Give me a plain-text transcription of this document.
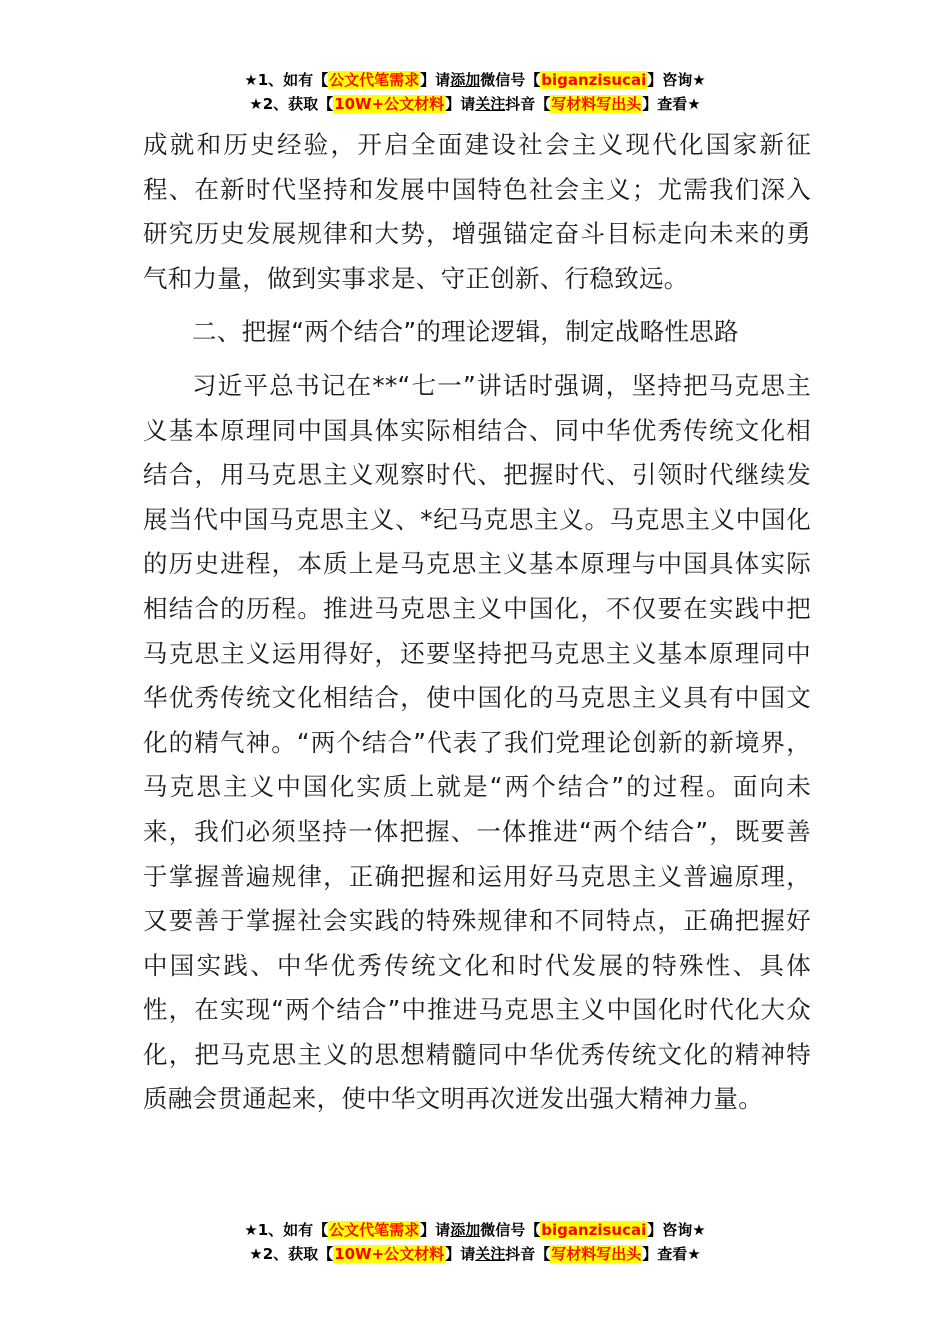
★1、如有【公文代笔需求】请添加微信号【biganzisucai】咨询★
★2、获取【10W+公文材料】请关注抖音【写材料写出头】查看★

成就和历史经验，开启全面建设社会主义现代化国家新征程、在新时代坚持和发展中国特色社会主义；尤需我们深入研究历史发展规律和大势，增强锚定奋斗目标走向未来的勇气和力量，做到实事求是、守正创新、行稳致远。

二、把握“两个结合”的理论逻辑，制定战略性思路

习近平总书记在**“七一”讲话时强调，坚持把马克思主义基本原理同中国具体实际相结合、同中华优秀传统文化相结合，用马克思主义观察时代、把握时代、引领时代继续发展当代中国马克思主义、*纪马克思主义。马克思主义中国化的历史进程，本质上是马克思主义基本原理与中国具体实际相结合的历程。推进马克思主义中国化，不仅要在实践中把马克思主义运用得好，还要坚持把马克思主义基本原理同中华优秀传统文化相结合，使中国化的马克思主义具有中国文化的精气神。“两个结合”代表了我们党理论创新的新境界，马克思主义中国化实质上就是“两个结合”的过程。面向未来，我们必须坚持一体把握、一体推进“两个结合”，既要善于掌握普遍规律，正确把握和运用好马克思主义普遍原理，又要善于掌握社会实践的特殊规律和不同特点，正确把握好中国实践、中华优秀传统文化和时代发展的特殊性、具体性，在实现“两个结合”中推进马克思主义中国化时代化大众化，把马克思主义的思想精髓同中华优秀传统文化的精神特质融会贯通起来，使中华文明再次迸发出强大精神力量。

★1、如有【公文代笔需求】请添加微信号【biganzisucai】咨询★
★2、获取【10W+公文材料】请关注抖音【写材料写出头】查看★
